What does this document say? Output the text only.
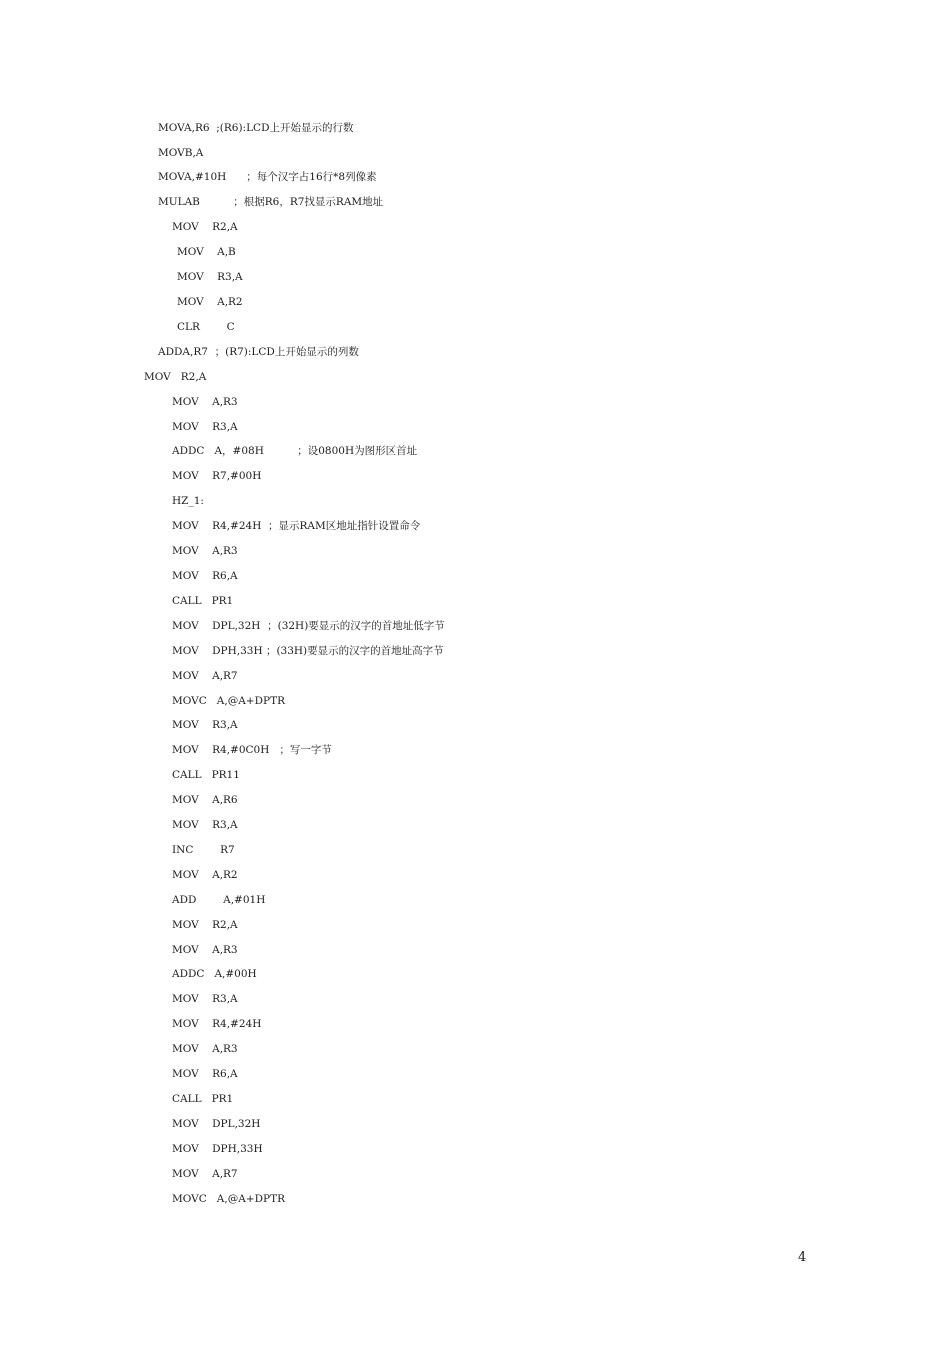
MOVA,R6  ;(R6):LCD上开始显示的行数
MOVB,A
MOVA,#10H      ；每个汉字占16行*8列像素
MULAB          ；根据R6，R7找显示RAM地址
MOV    R2,A
MOV    A,B
MOV    R3,A
MOV    A,R2
CLR        C
ADDA,R7  ；(R7):LCD上开始显示的列数
MOV   R2,A
MOV    A,R3
MOV    R3,A
ADDC   A，#08H          ；设0800H为图形区首址
MOV    R7,#00H
HZ_1:
MOV    R4,#24H  ；显示RAM区地址指针设置命令
MOV    A,R3
MOV    R6,A
CALL   PR1
MOV    DPL,32H  ；(32H)要显示的汉字的首地址低字节
MOV    DPH,33H ；(33H)要显示的汉字的首地址高字节
MOV    A,R7
MOVC   A,@A+DPTR
MOV    R3,A
MOV    R4,#0C0H   ；写一字节
CALL   PR11
MOV    A,R6
MOV    R3,A
INC        R7
MOV    A,R2
ADD        A,#01H
MOV    R2,A
MOV    A,R3
ADDC   A,#00H
MOV    R3,A
MOV    R4,#24H
MOV    A,R3
MOV    R6,A
CALL   PR1
MOV    DPL,32H
MOV    DPH,33H
MOV    A,R7
MOVC   A,@A+DPTR
4
